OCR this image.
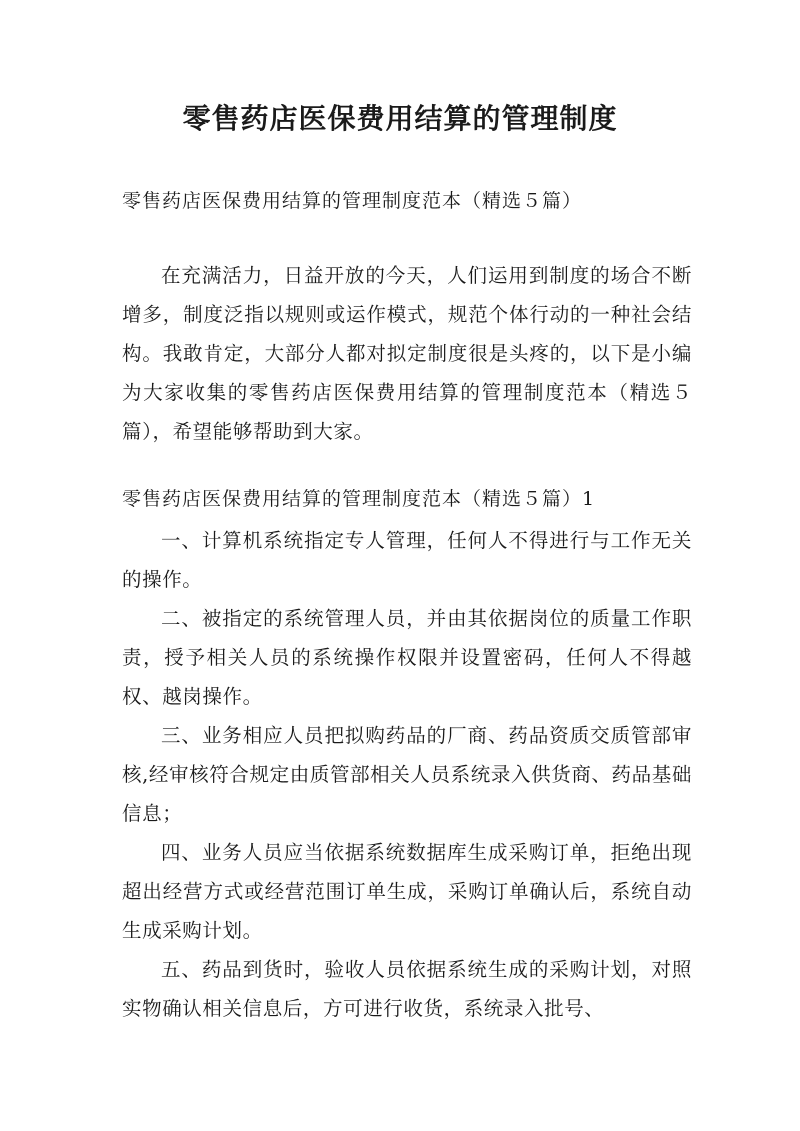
零售药店医保费用结算的管理制度

零售药店医保费用结算的管理制度范本（精选５篇）

在充满活力，日益开放的今天，人们运用到制度的场合不断增多，制度泛指以规则或运作模式，规范个体行动的一种社会结构。我敢肯定，大部分人都对拟定制度很是头疼的，以下是小编为大家收集的零售药店医保费用结算的管理制度范本（精选５篇），希望能够帮助到大家。

零售药店医保费用结算的管理制度范本（精选５篇）1

一、计算机系统指定专人管理，任何人不得进行与工作无关的操作。

二、被指定的系统管理人员，并由其依据岗位的质量工作职责，授予相关人员的系统操作权限并设置密码，任何人不得越权、越岗操作。

三、业务相应人员把拟购药品的厂商、药品资质交质管部审核,经审核符合规定由质管部相关人员系统录入供货商、药品基础信息；

四、业务人员应当依据系统数据库生成采购订单，拒绝出现超出经营方式或经营范围订单生成，采购订单确认后，系统自动生成采购计划。

五、药品到货时，验收人员依据系统生成的采购计划，对照实物确认相关信息后，方可进行收货，系统录入批号、
